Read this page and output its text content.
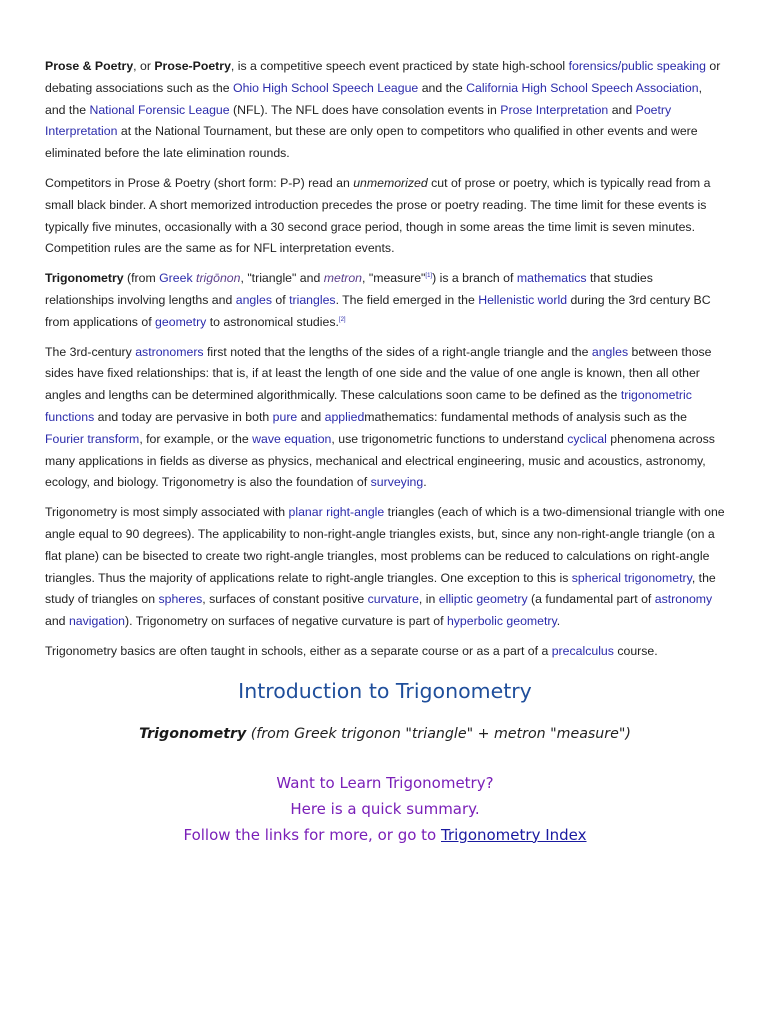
Prose & Poetry, or Prose-Poetry, is a competitive speech event practiced by state high-school forensics/public speaking or debating associations such as the Ohio High School Speech League and the California High School Speech Association, and the National Forensic League (NFL). The NFL does have consolation events in Prose Interpretation and Poetry Interpretation at the National Tournament, but these are only open to competitors who qualified in other events and were eliminated before the late elimination rounds.

Competitors in Prose & Poetry (short form: P-P) read an unmemorized cut of prose or poetry, which is typically read from a small black binder. A short memorized introduction precedes the prose or poetry reading. The time limit for these events is typically five minutes, occasionally with a 30 second grace period, though in some areas the time limit is seven minutes. Competition rules are the same as for NFL interpretation events.

Trigonometry (from Greek trigōnon, "triangle" and metron, "measure"[1]) is a branch of mathematics that studies relationships involving lengths and angles of triangles. The field emerged in the Hellenistic world during the 3rd century BC from applications of geometry to astronomical studies.[2]

The 3rd-century astronomers first noted that the lengths of the sides of a right-angle triangle and the angles between those sides have fixed relationships: that is, if at least the length of one side and the value of one angle is known, then all other angles and lengths can be determined algorithmically. These calculations soon came to be defined as the trigonometric functions and today are pervasive in both pure and appliedmathematics: fundamental methods of analysis such as the Fourier transform, for example, or the wave equation, use trigonometric functions to understand cyclical phenomena across many applications in fields as diverse as physics, mechanical and electrical engineering, music and acoustics, astronomy, ecology, and biology. Trigonometry is also the foundation of surveying.

Trigonometry is most simply associated with planar right-angle triangles (each of which is a two-dimensional triangle with one angle equal to 90 degrees). The applicability to non-right-angle triangles exists, but, since any non-right-angle triangle (on a flat plane) can be bisected to create two right-angle triangles, most problems can be reduced to calculations on right-angle triangles. Thus the majority of applications relate to right-angle triangles. One exception to this is spherical trigonometry, the study of triangles on spheres, surfaces of constant positive curvature, in elliptic geometry (a fundamental part of astronomy and navigation). Trigonometry on surfaces of negative curvature is part of hyperbolic geometry.

Trigonometry basics are often taught in schools, either as a separate course or as a part of a precalculus course.

Introduction to Trigonometry
Trigonometry (from Greek trigonon "triangle" + metron "measure")
Want to Learn Trigonometry?
Here is a quick summary.
Follow the links for more, or go to Trigonometry Index
